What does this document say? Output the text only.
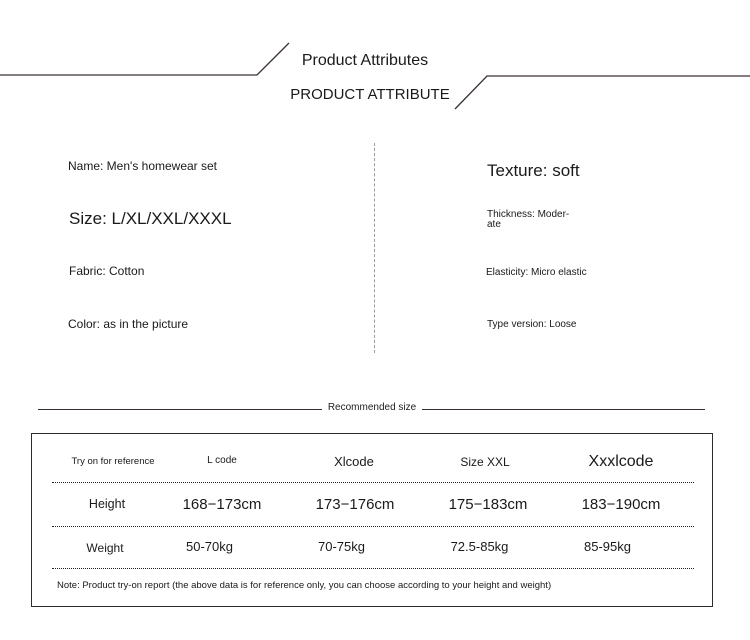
Product Attributes
PRODUCT ATTRIBUTE
Name: Men's homewear set
Size: L/XL/XXL/XXXL
Fabric: Cotton
Color: as in the picture
Texture: soft
Thickness: Moder-
ate
Elasticity: Micro elastic
Type version: Loose
Recommended size
Try on for reference	L code	Xlcode	Size XXL	Xxxlcode
Height	168−173cm	173−176cm	175−183cm	183−190cm
Weight	50-70kg	70-75kg	72.5-85kg	85-95kg
Note: Product try-on report (the above data is for reference only, you can choose according to your height and weight)
